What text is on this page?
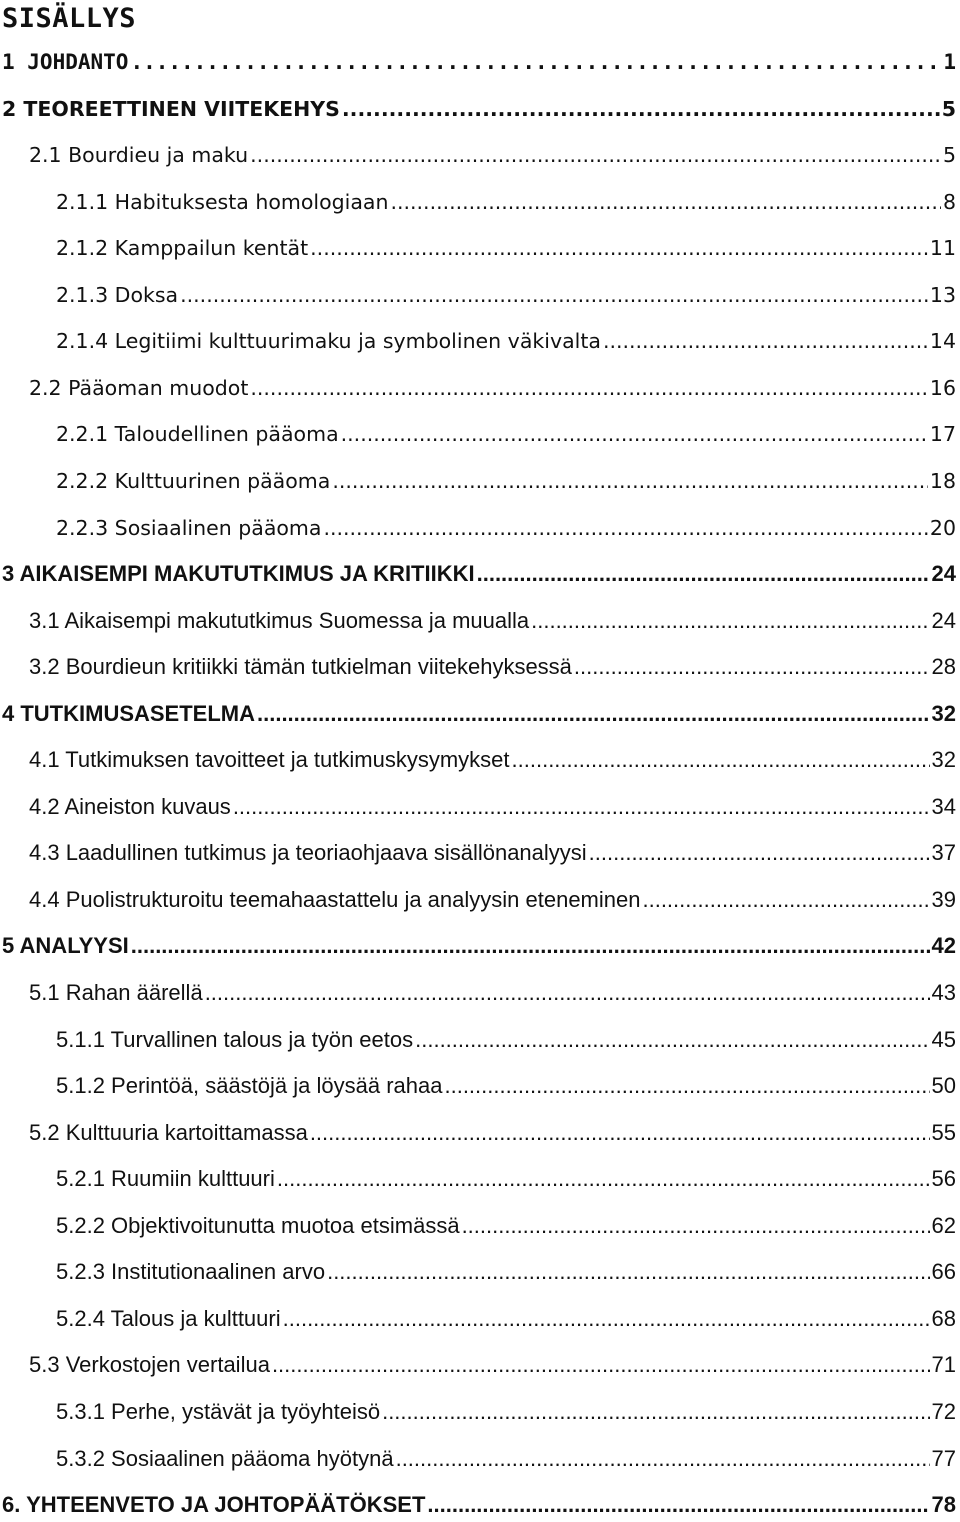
SISÄLLYS
1 JOHDANTO .....	1
2 TEOREETTINEN VIITEKEHYS .....	5
2.1 Bourdieu ja maku .....	5
2.1.1 Habituksesta homologiaan .....	8
2.1.2 Kamppailun kentät .....	11
2.1.3 Doksa .....	13
2.1.4 Legitiimi kulttuurimaku ja symbolinen väkivalta .....	14
2.2 Pääoman muodot .....	16
2.2.1 Taloudellinen pääoma .....	17
2.2.2 Kulttuurinen pääoma .....	18
2.2.3 Sosiaalinen pääoma .....	20
3 AIKAISEMPI MAKUTUTKIMUS JA KRITIIKKI .....	24
3.1 Aikaisempi makututkimus Suomessa ja muualla .....	24
3.2 Bourdieun kritiikki tämän tutkielman viitekehyksessä .....	28
4 TUTKIMUSASETELMA .....	32
4.1 Tutkimuksen tavoitteet ja tutkimuskysymykset .....	32
4.2 Aineiston kuvaus .....	34
4.3 Laadullinen tutkimus ja teoriaohjaava sisällönanalyysi .....	37
4.4 Puolistrukturoitu teemahaastattelu ja analyysin eteneminen .....	39
5 ANALYYSI .....	42
5.1 Rahan äärellä .....	43
5.1.1 Turvallinen talous ja työn eetos .....	45
5.1.2 Perintöä, säästöjä ja löysää rahaa .....	50
5.2 Kulttuuria kartoittamassa .....	55
5.2.1 Ruumiin kulttuuri .....	56
5.2.2 Objektivoitunutta muotoa etsimässä .....	62
5.2.3 Institutionaalinen arvo .....	66
5.2.4 Talous ja kulttuuri .....	68
5.3 Verkostojen vertailua .....	71
5.3.1 Perhe, ystävät ja työyhteisö .....	72
5.3.2 Sosiaalinen pääoma hyötynä .....	77
6. YHTEENVETO JA JOHTOPÄÄTÖKSET .....	78
